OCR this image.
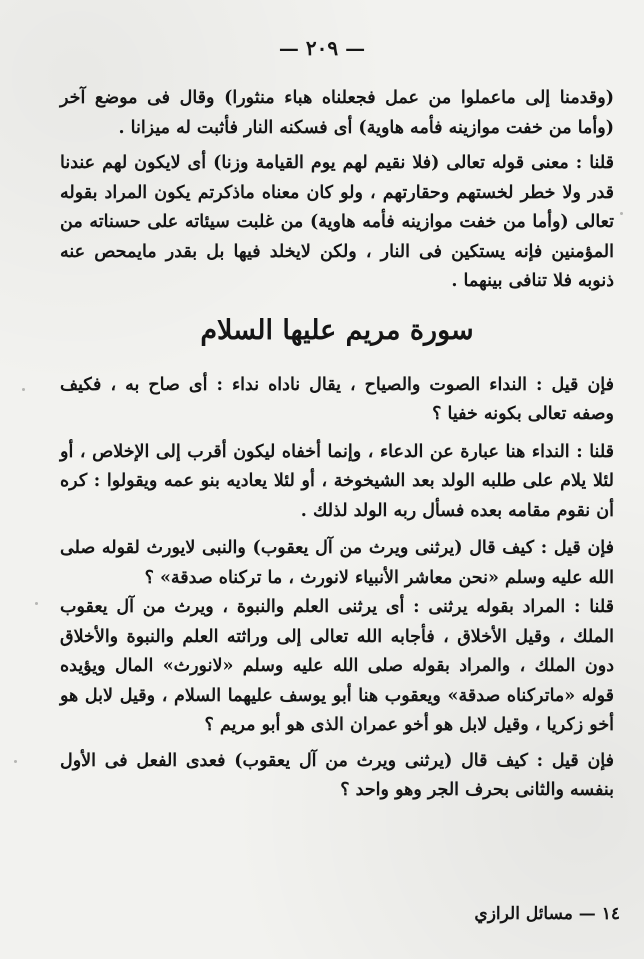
— ٢٠٩ —

(وقدمنا إلى ماعملوا من عمل فجعلناه هباء منثورا) وقال فى موضع آخر (وأما من خفت موازينه فأمه هاوية) أى فسكنه النار فأثبت له ميزانا .

قلنا : معنى قوله تعالى (فلا نقيم لهم يوم القيامة وزنا) أى لايكون لهم عندنا قدر ولا خطر لخستهم وحقارتهم ، ولو كان معناه ماذكرتم يكون المراد بقوله تعالى (وأما من خفت موازينه فأمه هاوية) من غلبت سيئاته على حسناته من المؤمنين فإنه يستكين فى النار ، ولكن لايخلد فيها بل بقدر مايمحص عنه ذنوبه فلا تنافى بينهما .

سورة مريم عليها السلام

فإن قيل : النداء الصوت والصياح ، يقال ناداه نداء : أى صاح به ، فكيف وصفه تعالى بكونه خفيا ؟

قلنا : النداء هنا عبارة عن الدعاء ، وإنما أخفاه ليكون أقرب إلى الإخلاص ، أو لئلا يلام على طلبه الولد بعد الشيخوخة ، أو لئلا يعاديه بنو عمه ويقولوا : كره أن نقوم مقامه بعده فسأل ربه الولد لذلك .

فإن قيل : كيف قال (يرثنى ويرث من آل يعقوب) والنبى لايورث لقوله صلى الله عليه وسلم «نحن معاشر الأنبياء لانورث ، ما تركناه صدقة» ؟

قلنا : المراد بقوله يرثنى : أى يرثنى العلم والنبوة ، ويرث من آل يعقوب الملك ، وقيل الأخلاق ، فأجابه الله تعالى إلى وراثته العلم والنبوة والأخلاق دون الملك ، والمراد بقوله صلى الله عليه وسلم «لانورث» المال ويؤيده قوله «ماتركناه صدقة» ويعقوب هنا أبو يوسف عليهما السلام ، وقيل لابل هو أخو زكريا ، وقيل لابل هو أخو عمران الذى هو أبو مريم ؟

فإن قيل : كيف قال (يرثنى ويرث من آل يعقوب) فعدى الفعل فى الأول بنفسه والثانى بحرف الجر وهو واحد ؟

١٤ — مسائل الرازي
